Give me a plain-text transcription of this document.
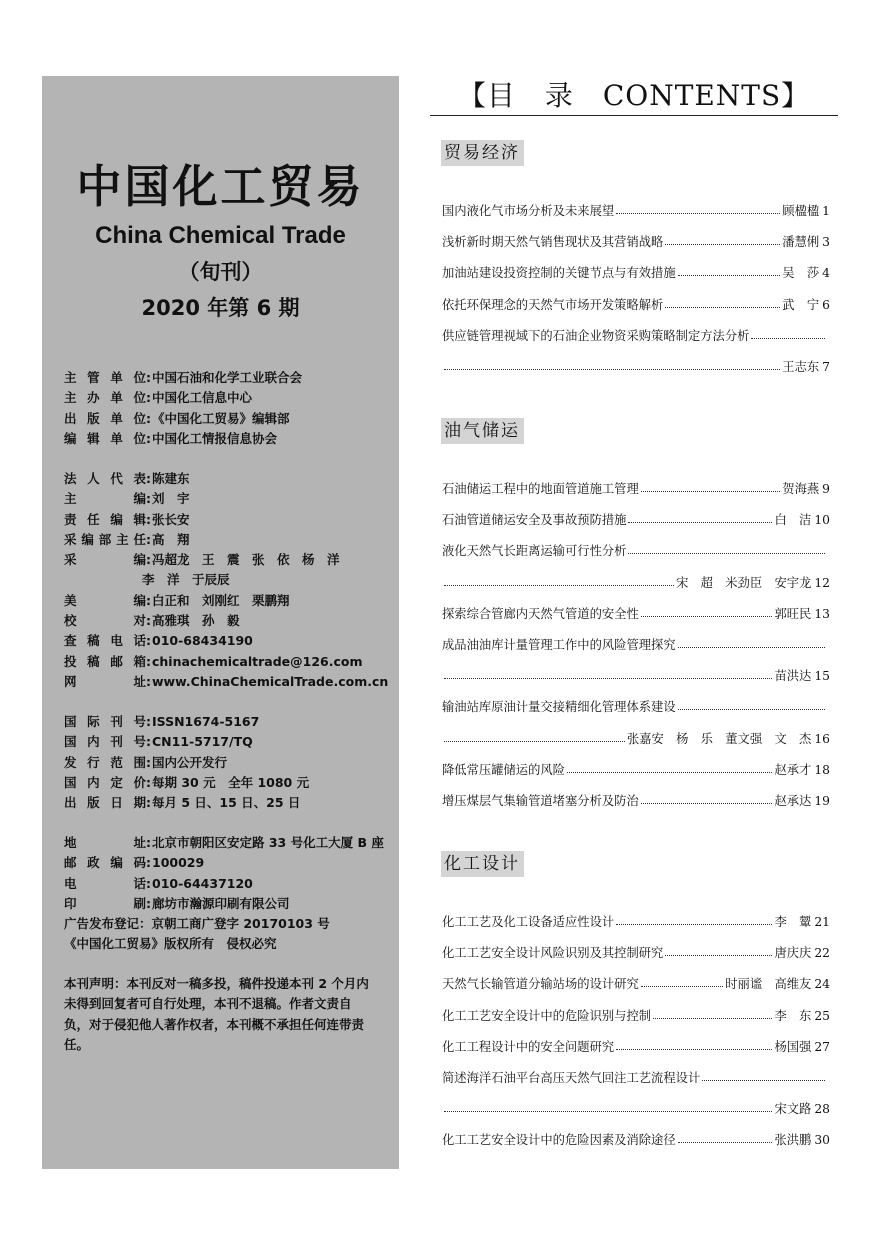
中国化工贸易
China Chemical Trade
（旬刊）
2020 年第 6 期
主管单位 : 中国石油和化学工业联合会
主办单位 : 中国化工信息中心
出版单位 : 《中国化工贸易》编辑部
编辑单位 : 中国化工情报信息协会
法人代表 : 陈建东
主编 : 刘　宇
责任编辑 : 张长安
采编部主任 : 高　翔
采编 : 冯超龙　王　震　张　依　杨　洋
李　洋　于辰辰
美编 : 白正和　刘刚红　栗鹏翔
校对 : 高雅琪　孙　毅
查稿电话 : 010-68434190
投稿邮箱 : chinachemicaltrade@126.com
网址 : www.ChinaChemicalTrade.com.cn
国际刊号 : ISSN1674-5167
国内刊号 : CN11-5717/TQ
发行范围 : 国内公开发行
国内定价 : 每期 30 元　全年 1080 元
出版日期 : 每月 5 日、15 日、25 日
地址 : 北京市朝阳区安定路 33 号化工大厦 B 座
邮政编码 : 100029
电话 : 010-64437120
印刷 : 廊坊市瀚源印刷有限公司
广告发布登记：京朝工商广登字 20170103 号
《中国化工贸易》版权所有　侵权必究
本刊声明：本刊反对一稿多投，稿件投递本刊 2 个月内未得到回复者可自行处理，本刊不退稿。作者文责自负，对于侵犯他人著作权者，本刊概不承担任何连带责任。
【目　录　CONTENTS】
贸易经济
国内液化气市场分析及未来展望	顾楹楹 1
浅析新时期天然气销售现状及其营销战略	潘慧俐 3
加油站建设投资控制的关键节点与有效措施	吴　莎 4
依托环保理念的天然气市场开发策略解析	武　宁 6
供应链管理视域下的石油企业物资采购策略制定方法分析
王志东 7
油气储运
石油储运工程中的地面管道施工管理	贺海燕 9
石油管道储运安全及事故预防措施	白　洁 10
液化天然气长距离运输可行性分析
宋　超　米劲臣　安宇龙 12
探索综合管廊内天然气管道的安全性	郭旺民 13
成品油油库计量管理工作中的风险管理探究
苗洪达 15
输油站库原油计量交接精细化管理体系建设
张嘉安　杨　乐　董文强　文　杰 16
降低常压罐储运的风险	赵承才 18
增压煤层气集输管道堵塞分析及防治	赵承达 19
化工设计
化工工艺及化工设备适应性设计	李　颦 21
化工工艺安全设计风险识别及其控制研究	唐庆庆 22
天然气长输管道分输站场的设计研究	时丽谧　高维友 24
化工工艺安全设计中的危险识别与控制	李　东 25
化工工程设计中的安全问题研究	杨国强 27
简述海洋石油平台高压天然气回注工艺流程设计
宋文路 28
化工工艺安全设计中的危险因素及消除途径	张洪鹏 30
